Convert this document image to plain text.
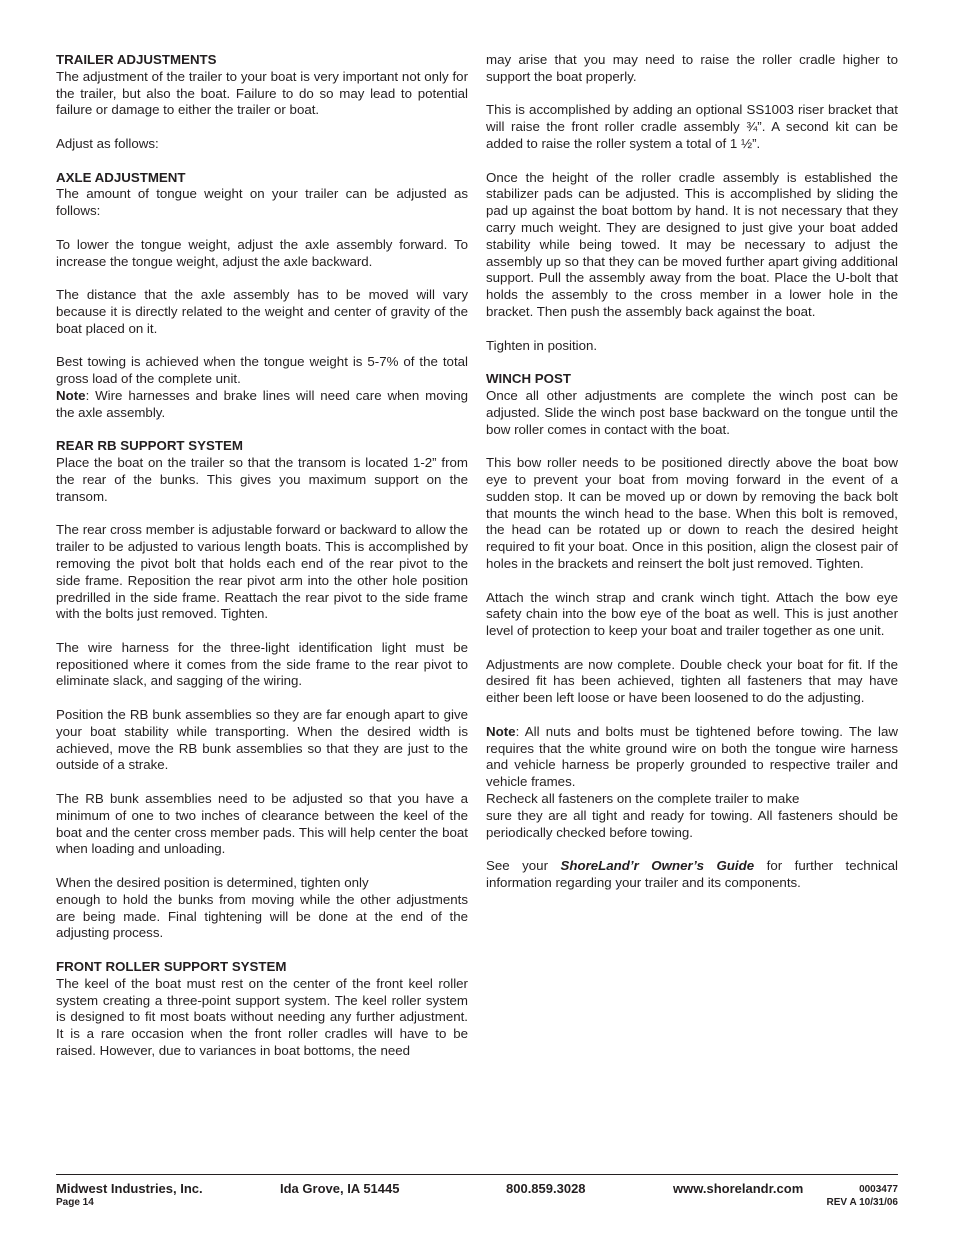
TRAILER ADJUSTMENTS

The adjustment of the trailer to your boat is very important not only for the trailer, but also the boat. Failure to do so may lead to potential failure or damage to either the trailer or boat.

Adjust as follows:

AXLE ADJUSTMENT

The amount of tongue weight on your trailer can be adjusted as follows:

To lower the tongue weight, adjust the axle assembly forward. To increase the tongue weight, adjust the axle backward.

The distance that the axle assembly has to be moved will vary because it is directly related to the weight and center of gravity of the boat placed on it.

Best towing is achieved when the tongue weight is 5-7% of the total gross load of the complete unit.

Note: Wire harnesses and brake lines will need care when moving the axle assembly.

REAR RB SUPPORT SYSTEM

Place the boat on the trailer so that the transom is located 1-2” from the rear of the bunks. This gives you maximum support on the transom.

The rear cross member is adjustable forward or backward to allow the trailer to be adjusted to various length boats. This is accomplished by removing the pivot bolt that holds each end of the rear pivot to the side frame. Reposition the rear pivot arm into the other hole position predrilled in the side frame. Reattach the rear pivot to the side frame with the bolts just removed. Tighten.

The wire harness for the three-light identification light must be repositioned where it comes from the side frame to the rear pivot to eliminate slack, and sagging of the wiring.

Position the RB bunk assemblies so they are far enough apart to give your boat stability while transporting. When the desired width is achieved, move the RB bunk assemblies so that they are just to the outside of a strake.

The RB bunk assemblies need to be adjusted so that you have a minimum of one to two inches of clearance between the keel of the boat and the center cross member pads. This will help center the boat when loading and unloading.

When the desired position is determined, tighten only
enough to hold the bunks from moving while the other adjustments are being made. Final tightening will be done at the end of the adjusting process.

FRONT ROLLER SUPPORT SYSTEM

The keel of the boat must rest on the center of the front keel roller system creating a three-point support system. The keel roller system is designed to fit most boats without needing any further adjustment. It is a rare occasion when the front roller cradles will have to be raised. However, due to variances in boat bottoms, the need

may arise that you may need to raise the roller cradle higher to support the boat properly.

This is accomplished by adding an optional SS1003 riser bracket that will raise the front roller cradle assembly ¾”. A second kit can be added to raise the roller system a total of 1 ½”.

Once the height of the roller cradle assembly is established the stabilizer pads can be adjusted. This is accomplished by sliding the pad up against the boat bottom by hand. It is not necessary that they carry much weight. They are designed to just give your boat added stability while being towed. It may be necessary to adjust the assembly up so that they can be moved further apart giving additional support. Pull the assembly away from the boat. Place the U-bolt that holds the assembly to the cross member in a lower hole in the bracket. Then push the assembly back against the boat.

Tighten in position.

WINCH POST

Once all other adjustments are complete the winch post can be adjusted. Slide the winch post base backward on the tongue until the bow roller comes in contact with the boat.

This bow roller needs to be positioned directly above the boat bow eye to prevent your boat from moving forward in the event of a sudden stop. It can be moved up or down by removing the back bolt that mounts the winch head to the base. When this bolt is removed, the head can be rotated up or down to reach the desired height required to fit your boat. Once in this position, align the closest pair of holes in the brackets and reinsert the bolt just removed. Tighten.

Attach the winch strap and crank winch tight. Attach the bow eye safety chain into the bow eye of the boat as well. This is just another level of protection to keep your boat and trailer together as one unit.

Adjustments are now complete. Double check your boat for fit. If the desired fit has been achieved, tighten all fasteners that may have either been left loose or have been loosened to do the adjusting.

Note: All nuts and bolts must be tightened before towing. The law requires that the white ground wire on both the tongue wire harness and vehicle harness be properly grounded to respective trailer and vehicle frames.

Recheck all fasteners on the complete trailer to make
sure they are all tight and ready for towing. All fasteners should be periodically checked before towing.

See your ShoreLand’r Owner’s Guide for further technical information regarding your trailer and its components.

Midwest Industries, Inc.
Page 14
Ida Grove, IA 51445	800.859.3028	www.shorelandr.com	0003477
REV A 10/31/06
